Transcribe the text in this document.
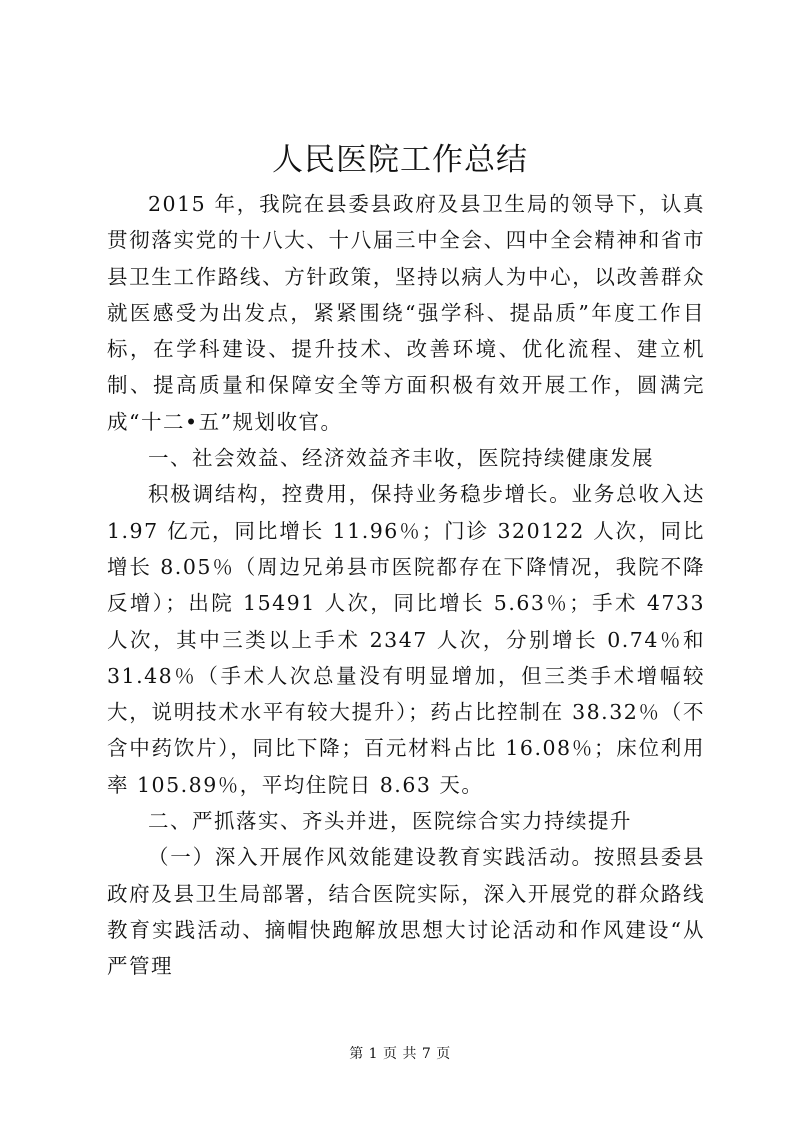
人民医院工作总结

2015 年，我院在县委县政府及县卫生局的领导下，认真贯彻落实党的十八大、十八届三中全会、四中全会精神和省市县卫生工作路线、方针政策，坚持以病人为中心，以改善群众就医感受为出发点，紧紧围绕“强学科、提品质”年度工作目标，在学科建设、提升技术、改善环境、优化流程、建立机制、提高质量和保障安全等方面积极有效开展工作，圆满完成“十二•五”规划收官。

一、社会效益、经济效益齐丰收，医院持续健康发展

积极调结构，控费用，保持业务稳步增长。业务总收入达 1.97 亿元，同比增长 11.96％；门诊 320122 人次，同比增长 8.05％（周边兄弟县市医院都存在下降情况，我院不降反增）；出院 15491 人次，同比增长 5.63％；手术 4733 人次，其中三类以上手术 2347 人次，分别增长 0.74％和 31.48％（手术人次总量没有明显增加，但三类手术增幅较大，说明技术水平有较大提升）；药占比控制在 38.32％（不含中药饮片），同比下降；百元材料占比 16.08％；床位利用率 105.89％，平均住院日 8.63 天。

二、严抓落实、齐头并进，医院综合实力持续提升

（一）深入开展作风效能建设教育实践活动。按照县委县政府及县卫生局部署，结合医院实际，深入开展党的群众路线教育实践活动、摘帽快跑解放思想大讨论活动和作风建设“从严管理

第 1 页 共 7 页
